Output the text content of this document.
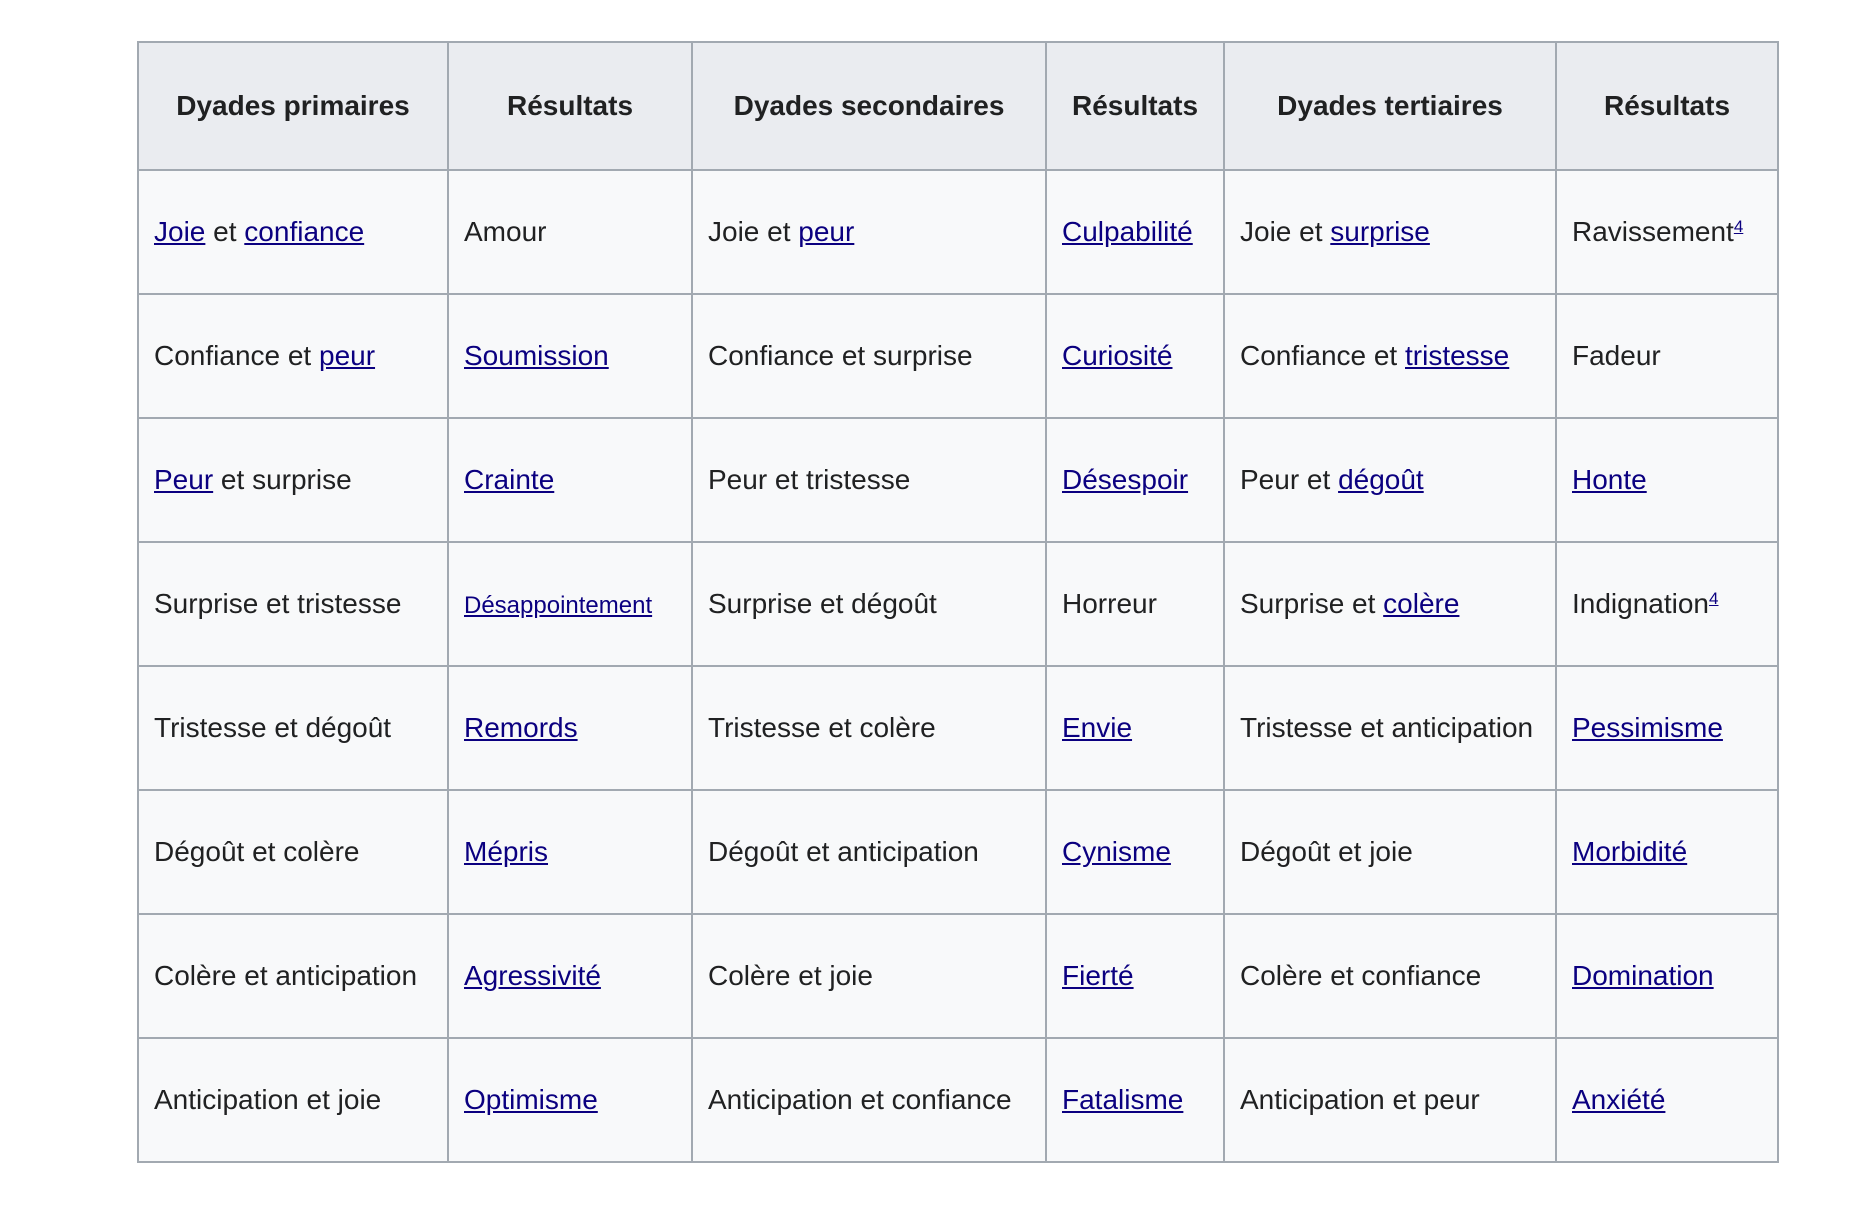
Dyades primaires	Résultats	Dyades secondaires	Résultats	Dyades tertiaires	Résultats
Joie et confiance	Amour	Joie et peur	Culpabilité	Joie et surprise	Ravissement$^4$
Confiance et peur	Soumission	Confiance et surprise	Curiosité	Confiance et tristesse	Fadeur
Peur et surprise	Crainte	Peur et tristesse	Désespoir	Peur et dégoût	Honte
Surprise et tristesse	Désappointement	Surprise et dégoût	Horreur	Surprise et colère	Indignation$^4$
Tristesse et dégoût	Remords	Tristesse et colère	Envie	Tristesse et anticipation	Pessimisme
Dégoût et colère	Mépris	Dégoût et anticipation	Cynisme	Dégoût et joie	Morbidité
Colère et anticipation	Agressivité	Colère et joie	Fierté	Colère et confiance	Domination
Anticipation et joie	Optimisme	Anticipation et confiance	Fatalisme	Anticipation et peur	Anxiété
